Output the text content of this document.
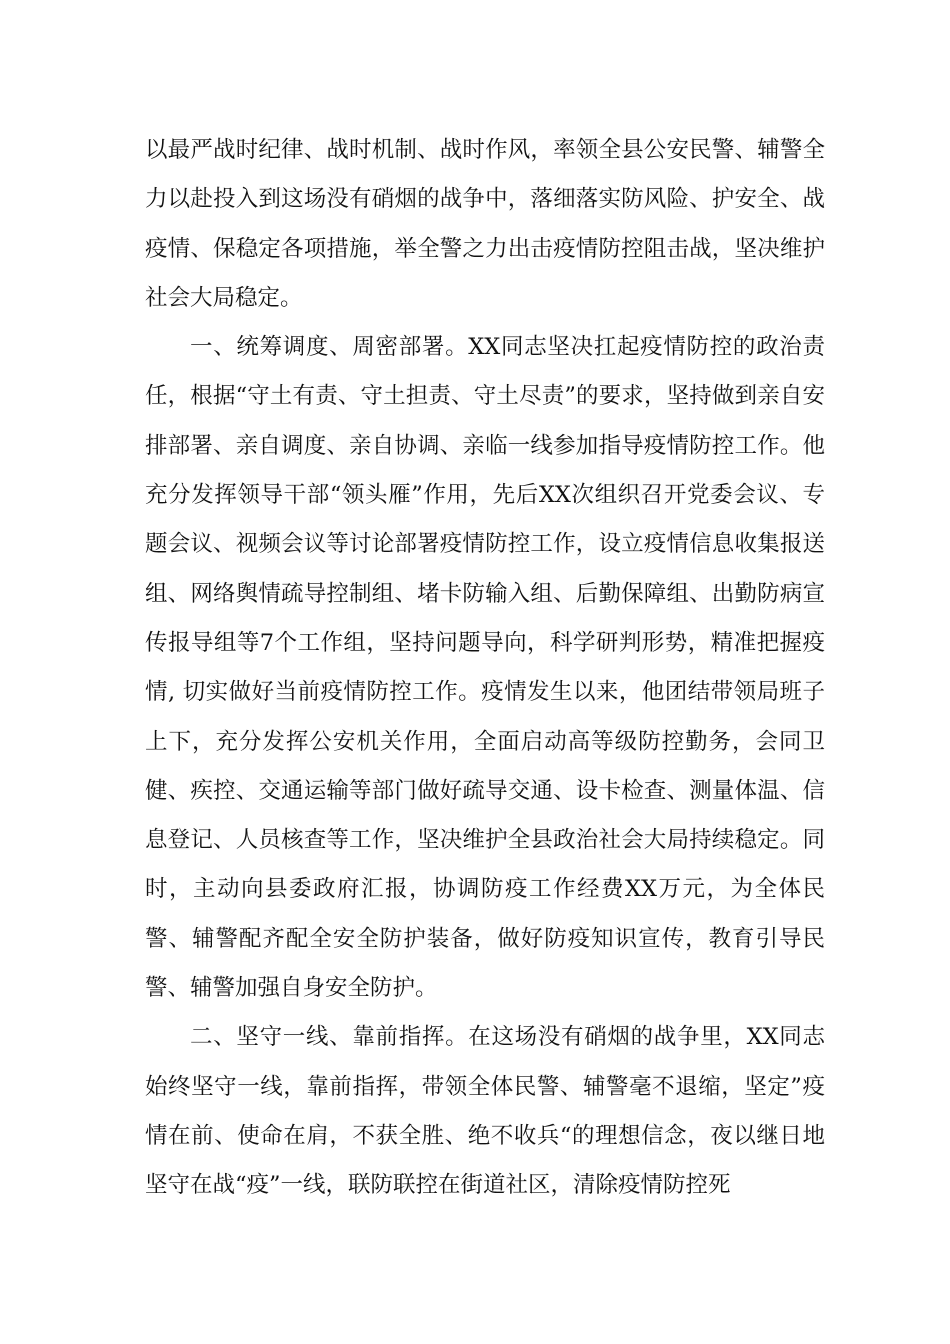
以最严战时纪律、战时机制、战时作风，率领全县公安民警、辅警全力以赴投入到这场没有硝烟的战争中，落细落实防风险、护安全、战疫情、保稳定各项措施，举全警之力出击疫情防控阻击战，坚决维护社会大局稳定。

一、统筹调度、周密部署。XX同志坚决扛起疫情防控的政治责任，根据“守土有责、守土担责、守土尽责”的要求，坚持做到亲自安排部署、亲自调度、亲自协调、亲临一线参加指导疫情防控工作。他充分发挥领导干部“领头雁”作用，先后XX次组织召开党委会议、专题会议、视频会议等讨论部署疫情防控工作，设立疫情信息收集报送组、网络舆情疏导控制组、堵卡防输入组、后勤保障组、出勤防病宣传报导组等7个工作组，坚持问题导向，科学研判形势，精准把握疫情, 切实做好当前疫情防控工作。疫情发生以来，他团结带领局班子上下，充分发挥公安机关作用，全面启动高等级防控勤务，会同卫健、疾控、交通运输等部门做好疏导交通、设卡检查、测量体温、信息登记、人员核查等工作，坚决维护全县政治社会大局持续稳定。同时，主动向县委政府汇报，协调防疫工作经费XX万元，为全体民警、辅警配齐配全安全防护装备，做好防疫知识宣传，教育引导民警、辅警加强自身安全防护。

二、坚守一线、靠前指挥。在这场没有硝烟的战争里，XX同志始终坚守一线，靠前指挥，带领全体民警、辅警毫不退缩，坚定”疫情在前、使命在肩，不获全胜、绝不收兵“的理想信念，夜以继日地坚守在战“疫”一线，联防联控在街道社区，清除疫情防控死
